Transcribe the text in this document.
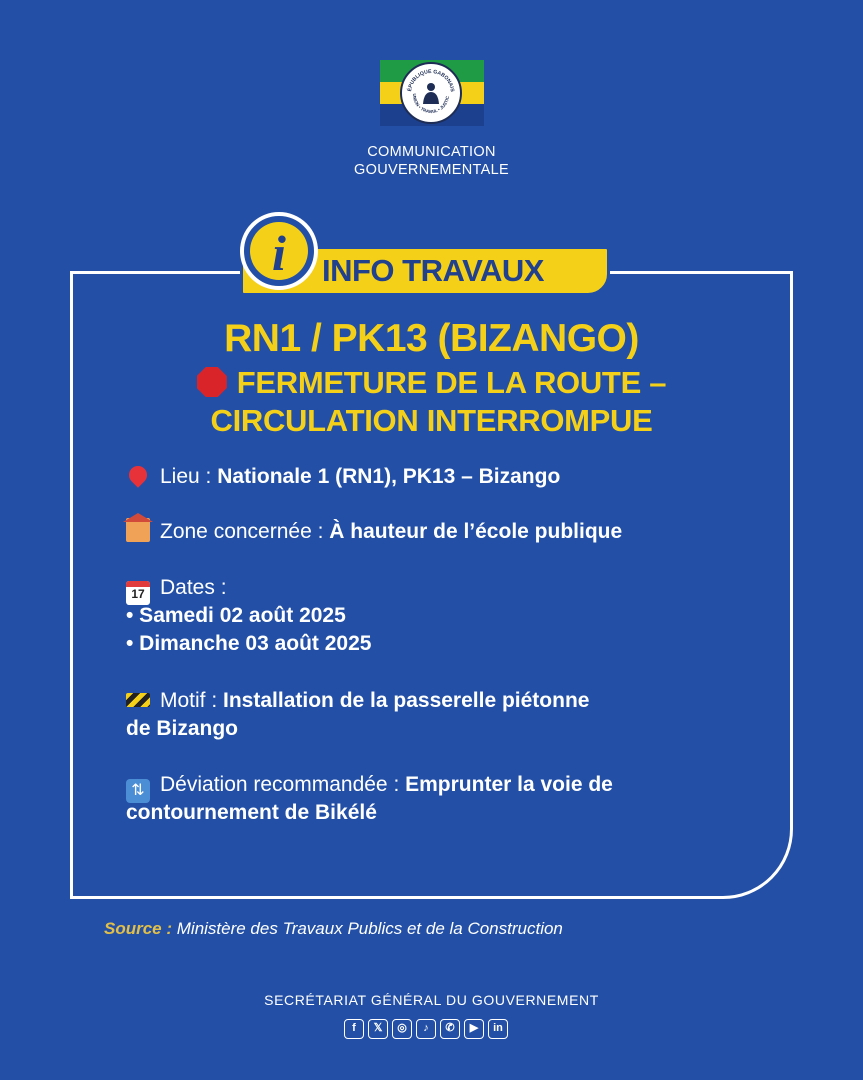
ÉPUBLIQUE GABONAIS
UNION • TRAVAIL • JUSTIC
COMMUNICATION
GOUVERNEMENTALE
i	INFO TRAVAUX
RN1 / PK13 (BIZANGO)
FERMETURE DE LA ROUTE –
CIRCULATION INTERROMPUE
Lieu : Nationale 1 (RN1), PK13 – Bizango
Zone concernée : À hauteur de l’école publique
17 Dates :
• Samedi 02 août 2025
• Dimanche 03 août 2025
Motif : Installation de la passerelle piétonne
de Bizango
⇅ Déviation recommandée : Emprunter la voie de
contournement de Bikélé
Source : Ministère des Travaux Publics et de la Construction
SECRÉTARIAT GÉNÉRAL DU GOUVERNEMENT
f	𝕏	◎	♪	✆	▶	in
